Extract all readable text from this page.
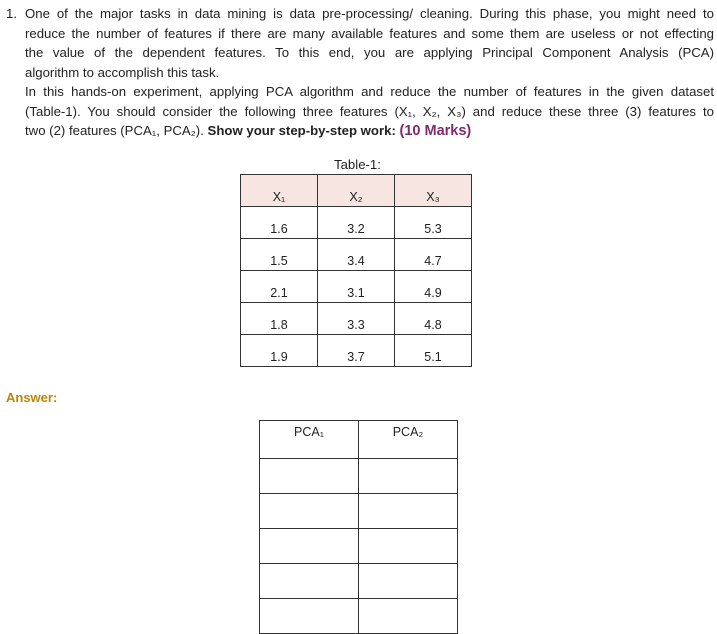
1. One of the major tasks in data mining is data pre-processing/ cleaning. During this phase, you might need to
reduce the number of features if there are many available features and some them are useless or not effecting
the value of the dependent features. To this end, you are applying Principal Component Analysis (PCA)
algorithm to accomplish this task.
In this hands-on experiment, applying PCA algorithm and reduce the number of features in the given dataset
(Table-1). You should consider the following three features (X₁, X₂, X₃) and reduce these three (3) features to
two (2) features (PCA₁, PCA₂). Show your step-by-step work: (10 Marks)
Table-1:
X₁	X₂	X₃
1.6	3.2	5.3
1.5	3.4	4.7
2.1	3.1	4.9
1.8	3.3	4.8
1.9	3.7	5.1
Answer:
PCA₁	PCA₂
